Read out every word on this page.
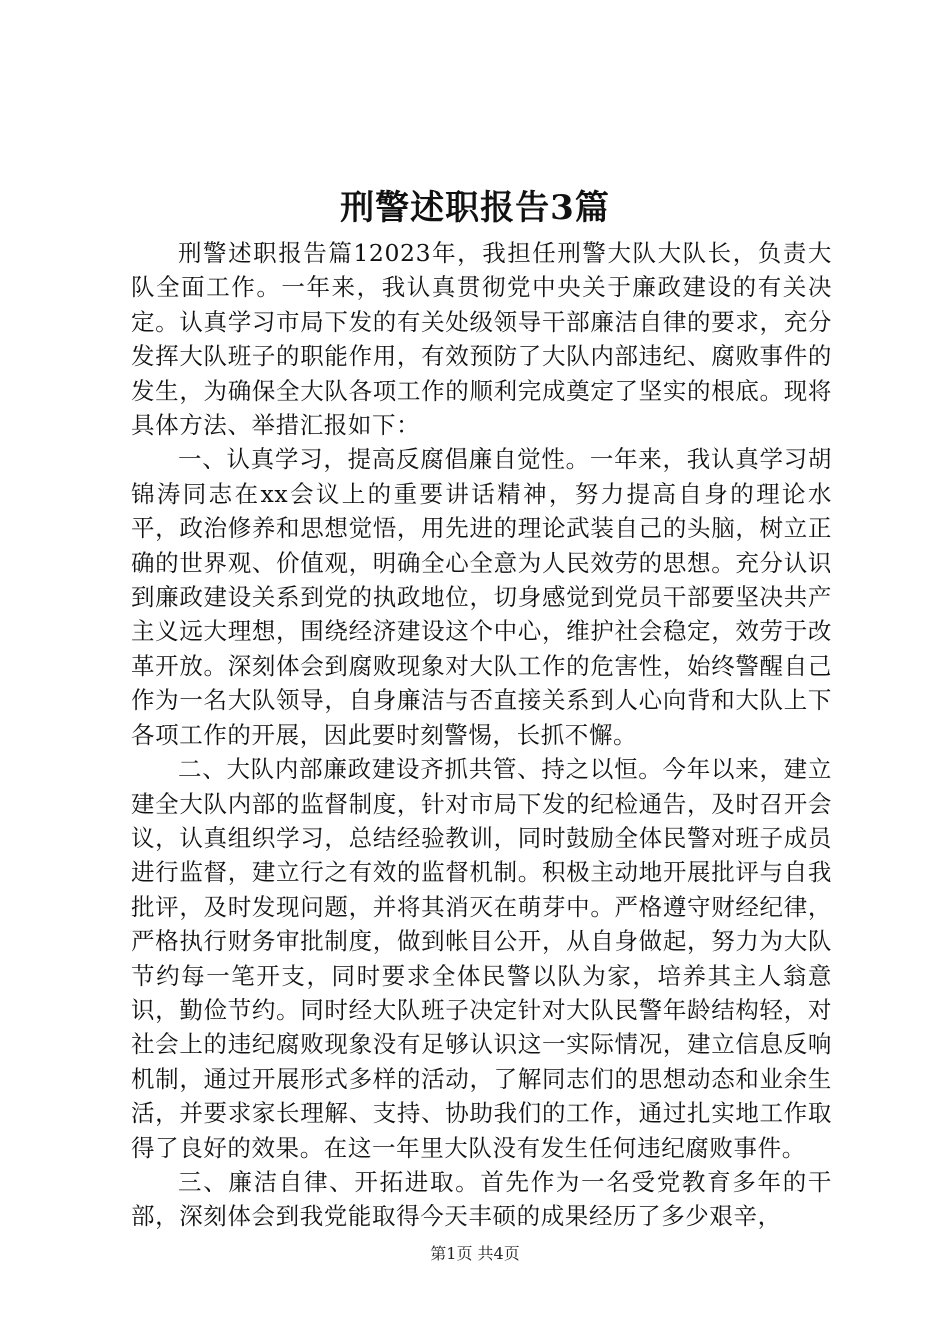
刑警述职报告3篇

刑警述职报告篇12023年，我担任刑警大队大队长，负责大队全面工作。一年来，我认真贯彻党中央关于廉政建设的有关决定。认真学习市局下发的有关处级领导干部廉洁自律的要求，充分发挥大队班子的职能作用，有效预防了大队内部违纪、腐败事件的发生，为确保全大队各项工作的顺利完成奠定了坚实的根底。现将具体方法、举措汇报如下：

一、认真学习，提高反腐倡廉自觉性。一年来，我认真学习胡锦涛同志在xx会议上的重要讲话精神，努力提高自身的理论水平，政治修养和思想觉悟，用先进的理论武装自己的头脑，树立正确的世界观、价值观，明确全心全意为人民效劳的思想。充分认识到廉政建设关系到党的执政地位，切身感觉到党员干部要坚决共产主义远大理想，围绕经济建设这个中心，维护社会稳定，效劳于改革开放。深刻体会到腐败现象对大队工作的危害性，始终警醒自己作为一名大队领导，自身廉洁与否直接关系到人心向背和大队上下各项工作的开展，因此要时刻警惕，长抓不懈。

二、大队内部廉政建设齐抓共管、持之以恒。今年以来，建立建全大队内部的监督制度，针对市局下发的纪检通告，及时召开会议，认真组织学习，总结经验教训，同时鼓励全体民警对班子成员进行监督，建立行之有效的监督机制。积极主动地开展批评与自我批评，及时发现问题，并将其消灭在萌芽中。严格遵守财经纪律，严格执行财务审批制度，做到帐目公开，从自身做起，努力为大队节约每一笔开支，同时要求全体民警以队为家，培养其主人翁意识，勤俭节约。同时经大队班子决定针对大队民警年龄结构轻，对社会上的违纪腐败现象没有足够认识这一实际情况，建立信息反响机制，通过开展形式多样的活动，了解同志们的思想动态和业余生活，并要求家长理解、支持、协助我们的工作，通过扎实地工作取得了良好的效果。在这一年里大队没有发生任何违纪腐败事件。

三、廉洁自律、开拓进取。首先作为一名受党教育多年的干部，深刻体会到我党能取得今天丰硕的成果经历了多少艰辛，

第1页 共4页
